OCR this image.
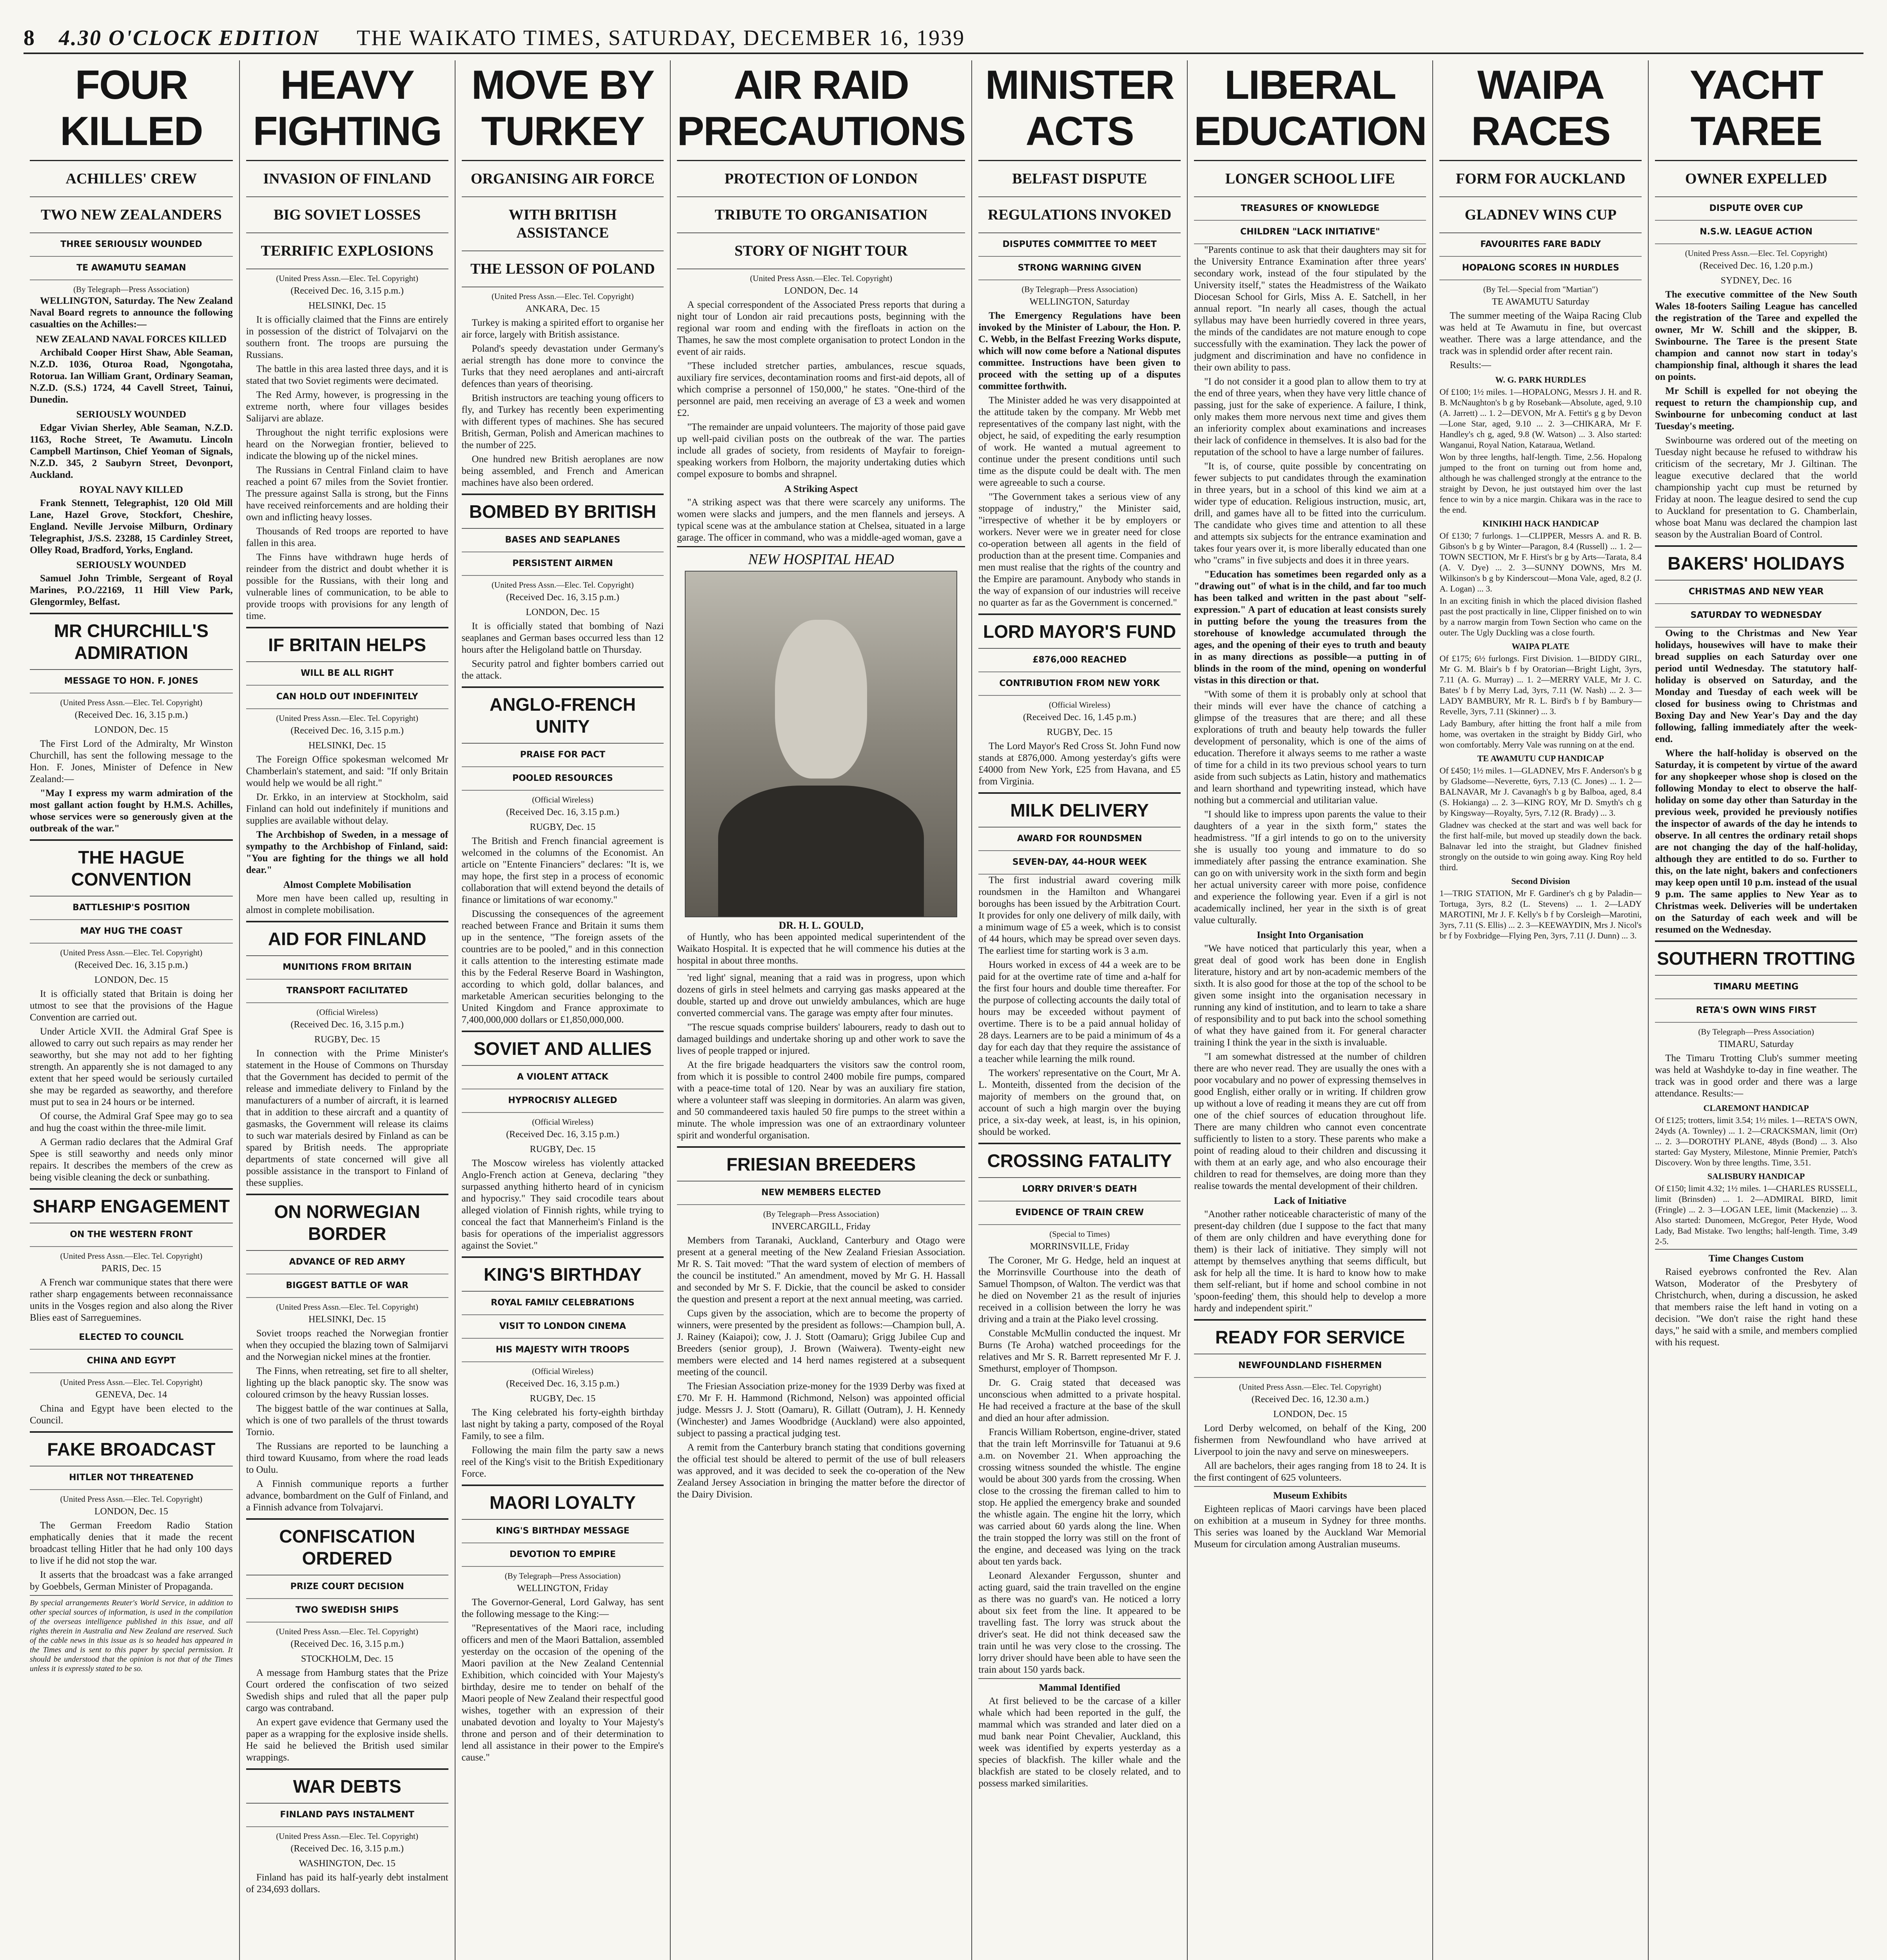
8	4.30 O'CLOCK EDITION	THE WAIKATO TIMES, SATURDAY, DECEMBER 16, 1939
FOUR KILLED
ACHILLES' CREW
TWO NEW ZEALANDERS
THREE SERIOUSLY WOUNDED
TE AWAMUTU SEAMAN
(By Telegraph—Press Association)

WELLINGTON, Saturday. The New Zealand Naval Board regrets to announce the following casualties on the Achilles:—

NEW ZEALAND NAVAL FORCES KILLED

Archibald Cooper Hirst Shaw, Able Seaman, N.Z.D. 1036, Oturoa Road, Ngongotaha, Rotorua. Ian William Grant, Ordinary Seaman, N.Z.D. (S.S.) 1724, 44 Cavell Street, Tainui, Dunedin.

SERIOUSLY WOUNDED

Edgar Vivian Sherley, Able Seaman, N.Z.D. 1163, Roche Street, Te Awamutu. Lincoln Campbell Martinson, Chief Yeoman of Signals, N.Z.D. 345, 2 Saubyrn Street, Devonport, Auckland.

ROYAL NAVY KILLED

Frank Stennett, Telegraphist, 120 Old Mill Lane, Hazel Grove, Stockfort, Cheshire, England. Neville Jervoise Milburn, Ordinary Telegraphist, J/S.S. 23288, 15 Cardinley Street, Olley Road, Bradford, Yorks, England.

SERIOUSLY WOUNDED

Samuel John Trimble, Sergeant of Royal Marines, P.O./22169, 11 Hill View Park, Glengormley, Belfast.

MR CHURCHILL'S ADMIRATION
MESSAGE TO HON. F. JONES
(United Press Assn.—Elec. Tel. Copyright)
(Received Dec. 16, 3.15 p.m.)
LONDON, Dec. 15

The First Lord of the Admiralty, Mr Winston Churchill, has sent the following message to the Hon. F. Jones, Minister of Defence in New Zealand:—

"May I express my warm admiration of the most gallant action fought by H.M.S. Achilles, whose services were so generously given at the outbreak of the war."

THE HAGUE CONVENTION
BATTLESHIP'S POSITION
MAY HUG THE COAST
(United Press Assn.—Elec. Tel. Copyright)
(Received Dec. 16, 3.15 p.m.)
LONDON, Dec. 15

It is officially stated that Britain is doing her utmost to see that the provisions of the Hague Convention are carried out.

Under Article XVII. the Admiral Graf Spee is allowed to carry out such repairs as may render her seaworthy, but she may not add to her fighting strength. An apparently she is not damaged to any extent that her speed would be seriously curtailed she may be regarded as seaworthy, and therefore must put to sea in 24 hours or be interned.

Of course, the Admiral Graf Spee may go to sea and hug the coast within the three-mile limit.

A German radio declares that the Admiral Graf Spee is still seaworthy and needs only minor repairs. It describes the members of the crew as being visible cleaning the deck or sunbathing.

SHARP ENGAGEMENT
ON THE WESTERN FRONT
(United Press Assn.—Elec. Tel. Copyright)
PARIS, Dec. 15

A French war communique states that there were rather sharp engagements between reconnaissance units in the Vosges region and also along the River Blies east of Sarreguemines.

ELECTED TO COUNCIL
CHINA AND EGYPT
(United Press Assn.—Elec. Tel. Copyright)
GENEVA, Dec. 14

China and Egypt have been elected to the Council.

FAKE BROADCAST
HITLER NOT THREATENED
(United Press Assn.—Elec. Tel. Copyright)
LONDON, Dec. 15

The German Freedom Radio Station emphatically denies that it made the recent broadcast telling Hitler that he had only 100 days to live if he did not stop the war.

It asserts that the broadcast was a fake arranged by Goebbels, German Minister of Propaganda.

By special arrangements Reuter's World Service, in addition to other special sources of information, is used in the compilation of the overseas intelligence published in this issue, and all rights therein in Australia and New Zealand are reserved. Such of the cable news in this issue as is so headed has appeared in the Times and is sent to this paper by special permission. It should be understood that the opinion is not that of the Times unless it is expressly stated to be so.
HEAVY FIGHTING
INVASION OF FINLAND
BIG SOVIET LOSSES
TERRIFIC EXPLOSIONS
(United Press Assn.—Elec. Tel. Copyright)
(Received Dec. 16, 3.15 p.m.)
HELSINKI, Dec. 15

It is officially claimed that the Finns are entirely in possession of the district of Tolvajarvi on the southern front. The troops are pursuing the Russians.

The battle in this area lasted three days, and it is stated that two Soviet regiments were decimated.

The Red Army, however, is progressing in the extreme north, where four villages besides Salijarvi are ablaze.

Throughout the night terrific explosions were heard on the Norwegian frontier, believed to indicate the blowing up of the nickel mines.

The Russians in Central Finland claim to have reached a point 67 miles from the Soviet frontier. The pressure against Salla is strong, but the Finns have received reinforcements and are holding their own and inflicting heavy losses.

Thousands of Red troops are reported to have fallen in this area.

The Finns have withdrawn huge herds of reindeer from the district and doubt whether it is possible for the Russians, with their long and vulnerable lines of communication, to be able to provide troops with provisions for any length of time.

IF BRITAIN HELPS
WILL BE ALL RIGHT
CAN HOLD OUT INDEFINITELY
(United Press Assn.—Elec. Tel. Copyright)
(Received Dec. 16, 3.15 p.m.)
HELSINKI, Dec. 15

The Foreign Office spokesman welcomed Mr Chamberlain's statement, and said: "If only Britain would help we would be all right."

Dr. Erkko, in an interview at Stockholm, said Finland can hold out indefinitely if munitions and supplies are available without delay.

The Archbishop of Sweden, in a message of sympathy to the Archbishop of Finland, said: "You are fighting for the things we all hold dear."

Almost Complete Mobilisation

More men have been called up, resulting in almost in complete mobilisation.

AID FOR FINLAND
MUNITIONS FROM BRITAIN
TRANSPORT FACILITATED
(Official Wireless)
(Received Dec. 16, 3.15 p.m.)
RUGBY, Dec. 15

In connection with the Prime Minister's statement in the House of Commons on Thursday that the Government has decided to permit of the release and immediate delivery to Finland by the manufacturers of a number of aircraft, it is learned that in addition to these aircraft and a quantity of gasmasks, the Government will release its claims to such war materials desired by Finland as can be spared by British needs. The appropriate departments of state concerned will give all possible assistance in the transport to Finland of these supplies.

ON NORWEGIAN BORDER
ADVANCE OF RED ARMY
BIGGEST BATTLE OF WAR
(United Press Assn.—Elec. Tel. Copyright)
HELSINKI, Dec. 15

Soviet troops reached the Norwegian frontier when they occupied the blazing town of Salmijarvi and the Norwegian nickel mines at the frontier.

The Finns, when retreating, set fire to all shelter, lighting up the black panoptic sky. The snow was coloured crimson by the heavy Russian losses.

The biggest battle of the war continues at Salla, which is one of two parallels of the thrust towards Tornio.

The Russians are reported to be launching a third toward Kuusamo, from where the road leads to Oulu.

A Finnish communique reports a further advance, bombardment on the Gulf of Finland, and a Finnish advance from Tolvajarvi.

CONFISCATION ORDERED
PRIZE COURT DECISION
TWO SWEDISH SHIPS
(United Press Assn.—Elec. Tel. Copyright)
(Received Dec. 16, 3.15 p.m.)
STOCKHOLM, Dec. 15

A message from Hamburg states that the Prize Court ordered the confiscation of two seized Swedish ships and ruled that all the paper pulp cargo was contraband.

An expert gave evidence that Germany used the paper as a wrapping for the explosive inside shells. He said he believed the British used similar wrappings.

WAR DEBTS
FINLAND PAYS INSTALMENT
(United Press Assn.—Elec. Tel. Copyright)
(Received Dec. 16, 3.15 p.m.)
WASHINGTON, Dec. 15

Finland has paid its half-yearly debt instalment of 234,693 dollars.

MOVE BY TURKEY
ORGANISING AIR FORCE
WITH BRITISH ASSISTANCE
THE LESSON OF POLAND
(United Press Assn.—Elec. Tel. Copyright)
ANKARA, Dec. 15

Turkey is making a spirited effort to organise her air force, largely with British assistance.

Poland's speedy devastation under Germany's aerial strength has done more to convince the Turks that they need aeroplanes and anti-aircraft defences than years of theorising.

British instructors are teaching young officers to fly, and Turkey has recently been experimenting with different types of machines. She has secured British, German, Polish and American machines to the number of 225.

One hundred new British aeroplanes are now being assembled, and French and American machines have also been ordered.

BOMBED BY BRITISH
BASES AND SEAPLANES
PERSISTENT AIRMEN
(United Press Assn.—Elec. Tel. Copyright)
(Received Dec. 16, 3.15 p.m.)
LONDON, Dec. 15

It is officially stated that bombing of Nazi seaplanes and German bases occurred less than 12 hours after the Heligoland battle on Thursday.

Security patrol and fighter bombers carried out the attack.

ANGLO-FRENCH UNITY
PRAISE FOR PACT
POOLED RESOURCES
(Official Wireless)
(Received Dec. 16, 3.15 p.m.)
RUGBY, Dec. 15

The British and French financial agreement is welcomed in the columns of the Economist. An article on "Entente Financiers" declares: "It is, we may hope, the first step in a process of economic collaboration that will extend beyond the details of finance or limitations of war economy."

Discussing the consequences of the agreement reached between France and Britain it sums them up in the sentence, "The foreign assets of the countries are to be pooled," and in this connection it calls attention to the interesting estimate made this by the Federal Reserve Board in Washington, according to which gold, dollar balances, and marketable American securities belonging to the United Kingdom and France approximate to 7,400,000,000 dollars or £1,850,000,000.

SOVIET AND ALLIES
A VIOLENT ATTACK
HYPROCRISY ALLEGED
(Official Wireless)
(Received Dec. 16, 3.15 p.m.)
RUGBY, Dec. 15

The Moscow wireless has violently attacked Anglo-French action at Geneva, declaring "they surpassed anything hitherto heard of in cynicism and hypocrisy." They said crocodile tears about alleged violation of Finnish rights, while trying to conceal the fact that Mannerheim's Finland is the basis for operations of the imperialist aggressors against the Soviet."

KING'S BIRTHDAY
ROYAL FAMILY CELEBRATIONS
VISIT TO LONDON CINEMA
HIS MAJESTY WITH TROOPS
(Official Wireless)
(Received Dec. 16, 3.15 p.m.)
RUGBY, Dec. 15

The King celebrated his forty-eighth birthday last night by taking a party, composed of the Royal Family, to see a film.

Following the main film the party saw a news reel of the King's visit to the British Expeditionary Force.

MAORI LOYALTY
KING'S BIRTHDAY MESSAGE
DEVOTION TO EMPIRE
(By Telegraph—Press Association)
WELLINGTON, Friday

The Governor-General, Lord Galway, has sent the following message to the King:—

"Representatives of the Maori race, including officers and men of the Maori Battalion, assembled yesterday on the occasion of the opening of the Maori pavilion at the New Zealand Centennial Exhibition, which coincided with Your Majesty's birthday, desire me to tender on behalf of the Maori people of New Zealand their respectful good wishes, together with an expression of their unabated devotion and loyalty to Your Majesty's throne and person and of their determination to lend all assistance in their power to the Empire's cause."

AIR RAID PRECAUTIONS
PROTECTION OF LONDON
TRIBUTE TO ORGANISATION
STORY OF NIGHT TOUR
(United Press Assn.—Elec. Tel. Copyright)
LONDON, Dec. 14

A special correspondent of the Associated Press reports that during a night tour of London air raid precautions posts, beginning with the regional war room and ending with the firefloats in action on the Thames, he saw the most complete organisation to protect London in the event of air raids.

"These included stretcher parties, ambulances, rescue squads, auxiliary fire services, decontamination rooms and first-aid depots, all of which comprise a personnel of 150,000," he states. "One-third of the personnel are paid, men receiving an average of £3 a week and women £2.

"The remainder are unpaid volunteers. The majority of those paid gave up well-paid civilian posts on the outbreak of the war. The parties include all grades of society, from residents of Mayfair to foreign-speaking workers from Holborn, the majority undertaking duties which compel exposure to bombs and shrapnel.

A Striking Aspect

"A striking aspect was that there were scarcely any uniforms. The women were slacks and jumpers, and the men flannels and jerseys. A typical scene was at the ambulance station at Chelsea, situated in a large garage. The officer in command, who was a middle-aged woman, gave a

NEW HOSPITAL HEAD
DR. H. L. GOULD,

of Huntly, who has been appointed medical superintendent of the Waikato Hospital. It is expected that he will commence his duties at the hospital in about three months.

'red light' signal, meaning that a raid was in progress, upon which dozens of girls in steel helmets and carrying gas masks appeared at the double, started up and drove out unwieldy ambulances, which are huge converted commercial vans. The garage was empty after four minutes.

"The rescue squads comprise builders' labourers, ready to dash out to damaged buildings and undertake shoring up and other work to save the lives of people trapped or injured.

At the fire brigade headquarters the visitors saw the control room, from which it is possible to control 2400 mobile fire pumps, compared with a peace-time total of 120. Near by was an auxiliary fire station, where a volunteer staff was sleeping in dormitories. An alarm was given, and 50 commandeered taxis hauled 50 fire pumps to the street within a minute. The whole impression was one of an extraordinary volunteer spirit and wonderful organisation.

FRIESIAN BREEDERS
NEW MEMBERS ELECTED
(By Telegraph—Press Association)
INVERCARGILL, Friday

Members from Taranaki, Auckland, Canterbury and Otago were present at a general meeting of the New Zealand Friesian Association. Mr R. S. Tait moved: "That the ward system of election of members of the council be instituted." An amendment, moved by Mr G. H. Hassall and seconded by Mr S. F. Dickie, that the council be asked to consider the question and present a report at the next annual meeting, was carried.

Cups given by the association, which are to become the property of winners, were presented by the president as follows:—Champion bull, A. J. Rainey (Kaiapoi); cow, J. J. Stott (Oamaru); Grigg Jubilee Cup and Breeders (senior group), J. Brown (Waiwera). Twenty-eight new members were elected and 14 herd names registered at a subsequent meeting of the council.

The Friesian Association prize-money for the 1939 Derby was fixed at £70. Mr F. H. Hammond (Richmond, Nelson) was appointed official judge. Messrs J. J. Stott (Oamaru), R. Gillatt (Outram), J. H. Kennedy (Winchester) and James Woodbridge (Auckland) were also appointed, subject to passing a practical judging test.

A remit from the Canterbury branch stating that conditions governing the official test should be altered to permit of the use of bull releasers was approved, and it was decided to seek the co-operation of the New Zealand Jersey Association in bringing the matter before the director of the Dairy Division.

MINISTER ACTS
BELFAST DISPUTE
REGULATIONS INVOKED
DISPUTES COMMITTEE TO MEET
STRONG WARNING GIVEN
(By Telegraph—Press Association)
WELLINGTON, Saturday

The Emergency Regulations have been invoked by the Minister of Labour, the Hon. P. C. Webb, in the Belfast Freezing Works dispute, which will now come before a National disputes committee. Instructions have been given to proceed with the setting up of a disputes committee forthwith.

The Minister added he was very disappointed at the attitude taken by the company. Mr Webb met representatives of the company last night, with the object, he said, of expediting the early resumption of work. He wanted a mutual agreement to continue under the present conditions until such time as the dispute could be dealt with. The men were agreeable to such a course.

"The Government takes a serious view of any stoppage of industry," the Minister said, "irrespective of whether it be by employers or workers. Never were we in greater need for close co-operation between all agents in the field of production than at the present time. Companies and men must realise that the rights of the country and the Empire are paramount. Anybody who stands in the way of expansion of our industries will receive no quarter as far as the Government is concerned."

LORD MAYOR'S FUND
£876,000 REACHED
CONTRIBUTION FROM NEW YORK
(Official Wireless)
(Received Dec. 16, 1.45 p.m.)
RUGBY, Dec. 15

The Lord Mayor's Red Cross St. John Fund now stands at £876,000. Among yesterday's gifts were £4000 from New York, £25 from Havana, and £5 from Virginia.

MILK DELIVERY
AWARD FOR ROUNDSMEN
SEVEN-DAY, 44-HOUR WEEK

The first industrial award covering milk roundsmen in the Hamilton and Whangarei boroughs has been issued by the Arbitration Court. It provides for only one delivery of milk daily, with a minimum wage of £5 a week, which is to consist of 44 hours, which may be spread over seven days. The earliest time for starting work is 3 a.m.

Hours worked in excess of 44 a week are to be paid for at the overtime rate of time and a-half for the first four hours and double time thereafter. For the purpose of collecting accounts the daily total of hours may be exceeded without payment of overtime. There is to be a paid annual holiday of 28 days. Learners are to be paid a minimum of 4s a day for each day that they require the assistance of a teacher while learning the milk round.

The workers' representative on the Court, Mr A. L. Monteith, dissented from the decision of the majority of members on the ground that, on account of such a high margin over the buying price, a six-day week, at least, is, in his opinion, should be worked.

CROSSING FATALITY
LORRY DRIVER'S DEATH
EVIDENCE OF TRAIN CREW
(Special to Times)
MORRINSVILLE, Friday

The Coroner, Mr G. Hedge, held an inquest at the Morrinsville Courthouse into the death of Samuel Thompson, of Walton. The verdict was that he died on November 21 as the result of injuries received in a collision between the lorry he was driving and a train at the Piako level crossing.

Constable McMullin conducted the inquest. Mr Burns (Te Aroha) watched proceedings for the relatives and Mr S. R. Barrett represented Mr F. J. Smethurst, employer of Thompson.

Dr. G. Craig stated that deceased was unconscious when admitted to a private hospital. He had received a fracture at the base of the skull and died an hour after admission.

Francis William Robertson, engine-driver, stated that the train left Morrinsville for Tatuanui at 9.6 a.m. on November 21. When approaching the crossing witness sounded the whistle. The engine would be about 300 yards from the crossing. When close to the crossing the fireman called to him to stop. He applied the emergency brake and sounded the whistle again. The engine hit the lorry, which was carried about 60 yards along the line. When the train stopped the lorry was still on the front of the engine, and deceased was lying on the track about ten yards back.

Leonard Alexander Fergusson, shunter and acting guard, said the train travelled on the engine as there was no guard's van. He noticed a lorry about six feet from the line. It appeared to be travelling fast. The lorry was struck about the driver's seat. He did not think deceased saw the train until he was very close to the crossing. The lorry driver should have been able to have seen the train about 150 yards back.

Mammal Identified

At first believed to be the carcase of a killer whale which had been reported in the gulf, the mammal which was stranded and later died on a mud bank near Point Chevalier, Auckland, this week was identified by experts yesterday as a species of blackfish. The killer whale and the blackfish are stated to be closely related, and to possess marked similarities.

LIBERAL EDUCATION
LONGER SCHOOL LIFE
TREASURES OF KNOWLEDGE
CHILDREN "LACK INITIATIVE"

"Parents continue to ask that their daughters may sit for the University Entrance Examination after three years' secondary work, instead of the four stipulated by the University itself," states the Headmistress of the Waikato Diocesan School for Girls, Miss A. E. Satchell, in her annual report. "In nearly all cases, though the actual syllabus may have been hurriedly covered in three years, the minds of the candidates are not mature enough to cope successfully with the examination. They lack the power of judgment and discrimination and have no confidence in their own ability to pass.

"I do not consider it a good plan to allow them to try at the end of three years, when they have very little chance of passing, just for the sake of experience. A failure, I think, only makes them more nervous next time and gives them an inferiority complex about examinations and increases their lack of confidence in themselves. It is also bad for the reputation of the school to have a large number of failures.

"It is, of course, quite possible by concentrating on fewer subjects to put candidates through the examination in three years, but in a school of this kind we aim at a wider type of education. Religious instruction, music, art, drill, and games have all to be fitted into the curriculum. The candidate who gives time and attention to all these and attempts six subjects for the entrance examination and takes four years over it, is more liberally educated than one who "crams" in five subjects and does it in three years.

"Education has sometimes been regarded only as a "drawing out" of what is in the child, and far too much has been talked and written in the past about "self-expression." A part of education at least consists surely in putting before the young the treasures from the storehouse of knowledge accumulated through the ages, and the opening of their eyes to truth and beauty in as many directions as possible—a putting in of blinds in the room of the mind, opening on wonderful vistas in this direction or that.

"With some of them it is probably only at school that their minds will ever have the chance of catching a glimpse of the treasures that are there; and all these explorations of truth and beauty help towards the fuller development of personality, which is one of the aims of education. Therefore it always seems to me rather a waste of time for a child in its two previous school years to turn aside from such subjects as Latin, history and mathematics and learn shorthand and typewriting instead, which have nothing but a commercial and utilitarian value.

"I should like to impress upon parents the value to their daughters of a year in the sixth form," states the headmistress. "If a girl intends to go on to the university she is usually too young and immature to do so immediately after passing the entrance examination. She can go on with university work in the sixth form and begin her actual university career with more poise, confidence and experience the following year. Even if a girl is not academically inclined, her year in the sixth is of great value culturally.

Insight Into Organisation

"We have noticed that particularly this year, when a great deal of good work has been done in English literature, history and art by non-academic members of the sixth. It is also good for those at the top of the school to be given some insight into the organisation necessary in running any kind of institution, and to learn to take a share of responsibility and to put back into the school something of what they have gained from it. For general character training I think the year in the sixth is invaluable.

"I am somewhat distressed at the number of children there are who never read. They are usually the ones with a poor vocabulary and no power of expressing themselves in good English, either orally or in writing. If children grow up without a love of reading it means they are cut off from one of the chief sources of education throughout life. There are many children who cannot even concentrate sufficiently to listen to a story. These parents who make a point of reading aloud to their children and discussing it with them at an early age, and who also encourage their children to read for themselves, are doing more than they realise towards the mental development of their children.

Lack of Initiative

"Another rather noticeable characteristic of many of the present-day children (due I suppose to the fact that many of them are only children and have everything done for them) is their lack of initiative. They simply will not attempt by themselves anything that seems difficult, but ask for help all the time. It is hard to know how to make them self-reliant, but if home and school combine in not 'spoon-feeding' them, this should help to develop a more hardy and independent spirit."

READY FOR SERVICE
NEWFOUNDLAND FISHERMEN
(United Press Assn.—Elec. Tel. Copyright)
(Received Dec. 16, 12.30 a.m.)
LONDON, Dec. 15

Lord Derby welcomed, on behalf of the King, 200 fishermen from Newfoundland who have arrived at Liverpool to join the navy and serve on minesweepers.

All are bachelors, their ages ranging from 18 to 24. It is the first contingent of 625 volunteers.

Museum Exhibits

Eighteen replicas of Maori carvings have been placed on exhibition at a museum in Sydney for three months. This series was loaned by the Auckland War Memorial Museum for circulation among Australian museums.

WAIPA RACES
FORM FOR AUCKLAND
GLADNEV WINS CUP
FAVOURITES FARE BADLY
HOPALONG SCORES IN HURDLES
(By Tel.—Special from "Martian")
TE AWAMUTU Saturday

The summer meeting of the Waipa Racing Club was held at Te Awamutu in fine, but overcast weather. There was a large attendance, and the track was in splendid order after recent rain.

Results:—

W. G. PARK HURDLES

Of £100; 1½ miles. 1—HOPALONG, Messrs J. H. and R. B. McNaughton's b g by Rosebank—Absolute, aged, 9.10 (A. Jarrett) ... 1. 2—DEVON, Mr A. Fettit's g g by Devon—Lone Star, aged, 9.10 ... 2. 3—CHIKARA, Mr F. Handley's ch g, aged, 9.8 (W. Watson) ... 3. Also started: Wanganui, Royal Nation, Kataraua, Wetland.

Won by three lengths, half-length. Time, 2.56. Hopalong jumped to the front on turning out from home and, although he was challenged strongly at the entrance to the straight by Devon, he just outstayed him over the last fence to win by a nice margin. Chikara was in the race to the end.

KINIKIHI HACK HANDICAP

Of £130; 7 furlongs. 1—CLIPPER, Messrs A. and R. B. Gibson's b g by Winter—Paragon, 8.4 (Russell) ... 1. 2—TOWN SECTION, Mr F. Hirst's br g by Arts—Tarata, 8.4 (A. V. Dye) ... 2. 3—SUNNY DOWNS, Mrs M. Wilkinson's b g by Kinderscout—Mona Vale, aged, 8.2 (J. A. Logan) ... 3.

In an exciting finish in which the placed division flashed past the post practically in line, Clipper finished on to win by a narrow margin from Town Section who came on the outer. The Ugly Duckling was a close fourth.

WAIPA PLATE

Of £175; 6½ furlongs. First Division. 1—BIDDY GIRL, Mr G. M. Blair's b f by Oratorian—Bright Light, 3yrs, 7.11 (A. G. Murray) ... 1. 2—MERRY VALE, Mr J. C. Bates' b f by Merry Lad, 3yrs, 7.11 (W. Nash) ... 2. 3—LADY BAMBURY, Mr R. L. Bird's b f by Bambury—Revelle, 3yrs, 7.11 (Skinner) ... 3.

Lady Bambury, after hitting the front half a mile from home, was overtaken in the straight by Biddy Girl, who won comfortably. Merry Vale was running on at the end.

TE AWAMUTU CUP HANDICAP

Of £450; 1½ miles. 1—GLADNEV, Mrs F. Anderson's b g by Gladsome—Neverette, 6yrs, 7.13 (C. Jones) ... 1. 2—BALNAVAR, Mr J. Cavanagh's b g by Balboa, aged, 8.4 (S. Hokianga) ... 2. 3—KING ROY, Mr D. Smyth's ch g by Kingsway—Royalty, 5yrs, 7.12 (R. Brady) ... 3.

Gladnev was checked at the start and was well back for the first half-mile, but moved up steadily down the back. Balnavar led into the straight, but Gladnev finished strongly on the outside to win going away. King Roy held third.

Second Division

1—TRIG STATION, Mr F. Gardiner's ch g by Paladin—Tortuga, 3yrs, 8.2 (L. Stevens) ... 1. 2—LADY MAROTINI, Mr J. F. Kelly's b f by Corsleigh—Marotini, 3yrs, 7.11 (S. Ellis) ... 2. 3—KEEWAYDIN, Mrs J. Nicol's br f by Foxbridge—Flying Pen, 3yrs, 7.11 (J. Dunn) ... 3.

YACHT TAREE
OWNER EXPELLED
DISPUTE OVER CUP
N.S.W. LEAGUE ACTION
(United Press Assn.—Elec. Tel. Copyright)
(Received Dec. 16, 1.20 p.m.)
SYDNEY, Dec. 16

The executive committee of the New South Wales 18-footers Sailing League has cancelled the registration of the Taree and expelled the owner, Mr W. Schill and the skipper, B. Swinbourne. The Taree is the present State champion and cannot now start in today's championship final, although it shares the lead on points.

Mr Schill is expelled for not obeying the request to return the championship cup, and Swinbourne for unbecoming conduct at last Tuesday's meeting.

Swinbourne was ordered out of the meeting on Tuesday night because he refused to withdraw his criticism of the secretary, Mr J. Giltinan. The league executive declared that the world championship yacht cup must be returned by Friday at noon. The league desired to send the cup to Auckland for presentation to G. Chamberlain, whose boat Manu was declared the champion last season by the Australian Board of Control.

BAKERS' HOLIDAYS
CHRISTMAS AND NEW YEAR
SATURDAY TO WEDNESDAY

Owing to the Christmas and New Year holidays, housewives will have to make their bread supplies on each Saturday over one period until Wednesday. The statutory half-holiday is observed on Saturday, and the Monday and Tuesday of each week will be closed for business owing to Christmas and Boxing Day and New Year's Day and the day following, falling immediately after the week-end.

Where the half-holiday is observed on the Saturday, it is competent by virtue of the award for any shopkeeper whose shop is closed on the following Monday to elect to observe the half-holiday on some day other than Saturday in the previous week, provided he previously notifies the inspector of awards of the day he intends to observe. In all centres the ordinary retail shops are not changing the day of the half-holiday, although they are entitled to do so. Further to this, on the late night, bakers and confectioners may keep open until 10 p.m. instead of the usual 9 p.m. The same applies to New Year as to Christmas week. Deliveries will be undertaken on the Saturday of each week and will be resumed on the Wednesday.

SOUTHERN TROTTING
TIMARU MEETING
RETA'S OWN WINS FIRST
(By Telegraph—Press Association)
TIMARU, Saturday

The Timaru Trotting Club's summer meeting was held at Washdyke to-day in fine weather. The track was in good order and there was a large attendance. Results:—

CLAREMONT HANDICAP

Of £125; trotters, limit 3.54; 1½ miles. 1—RETA'S OWN, 24yds (A. Townley) ... 1. 2—CRACKSMAN, limit (Orr) ... 2. 3—DOROTHY PLANE, 48yds (Bond) ... 3. Also started: Gay Mystery, Milestone, Minnie Premier, Patch's Discovery. Won by three lengths. Time, 3.51.

SALISBURY HANDICAP

Of £150; limit 4.32; 1½ miles. 1—CHARLES RUSSELL, limit (Brinsden) ... 1. 2—ADMIRAL BIRD, limit (Fringle) ... 2. 3—LOGAN LEE, limit (Mackenzie) ... 3. Also started: Dunomeen, McGregor, Peter Hyde, Wood Lady, Bad Mistake. Two lengths; half-length. Time, 3.49 2-5.

Time Changes Custom

Raised eyebrows confronted the Rev. Alan Watson, Moderator of the Presbytery of Christchurch, when, during a discussion, he asked that members raise the left hand in voting on a decision. "We don't raise the right hand these days," he said with a smile, and members complied with his request.
